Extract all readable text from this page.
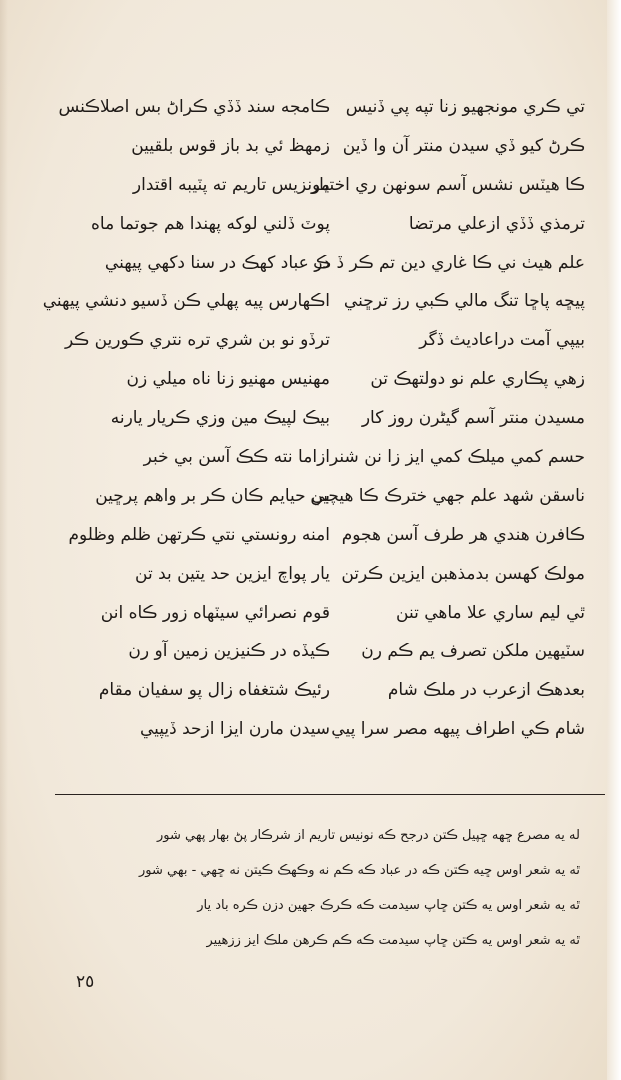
تي ڪري مونجهيو زنا تپه پي ڏنيس
ڪرڻ کيو ڏي سيدن منتر آن وا ڏين
ڪا هيٽس نشس آسم سونهن ري اختيار
ترمذي ڏڏي ازعلي مرتضا
علم هيٺ ني ڪا غاري دين تم ڪر ڏ ڪ
پيڇه پاڇا تنگ مالي ڪبي رز ترڇني
بيپي آمت دراعاديث ڏگر
زهي پڪاري علم نو دولتهڪ تن
مسيدن منتر آسم گيڻرن روز کار
حسم کمي ميلڪ کمي ايز زا نن شنر
ناسقن شهد علم جهي خترڪ ڪا هيچين
ڪافرن هندي هر طرف آسن هجوم
مولڪ کهسن بدمذهبن ايزين ڪرتن
ٿي ليم ساري علا ماهي تنن
سٽيهين ملکن تصرف يم ڪم رن
بعدهڪ ازعرب در ملڪ شام
شام ڪي اطراف پيهه مصر سرا پيي
ڪامجه سند ڏڏي ڪراڻ بس اصلاڪنس
زمهظ ئي بد باز قوس بلقيين
مونزيس تاريم ته پٽيبه اقتدار
پوٽ ڏلني لوکه پهندا هم جوتما ماه
در عباد کهڪ در سنا دکهي پيهني
اڪهارس پيه پهلي ڪن ڏسيو دنشي پيهني
ترڏو نو بن شري تره نتري ڪورين ڪر
مهنيس مهنيو زنا ناه ميلي زن
بيڪ لپيڪ مين وزي ڪريار يارنه
ازاما نته ڪڪ آسن بي خبر
بي حيايم ڪان ڪر بر واهم پرڇين
امنه رونستي نتي ڪرتهن ظلم وظلوم
يار پواچ ايزين حد يتين بد تن
قوم نصرائي سيٽهاه زور ڪاه انن
ڪيڏه در ڪنيزين زمين آو رن
رئيڪ شتغفاه زال پو سفيان مقام
سيدن مارن ايزا ازحد ڏيپيي
له يه مصرع ڇهه ڇپيل ڪتن درجح ڪه نونيس تاريم از شرڪار پڻ بهار پهي شور
ٿه يه شعر اوس ڇيه ڪتن ڪه در عباد ڪه ڪم نه وڪهڪ ڪيتن نه ڇهي - بهي شور
ٿه يه شعر اوس يه ڪتن ڇاپ سيدمت ڪه ڪرڪ جهين دزن ڪره باد يار
ٿه يه شعر اوس يه ڪتن ڇاپ سيدمت ڪه ڪم ڪرهن ملڪ ايز ززهيير
٢٥
